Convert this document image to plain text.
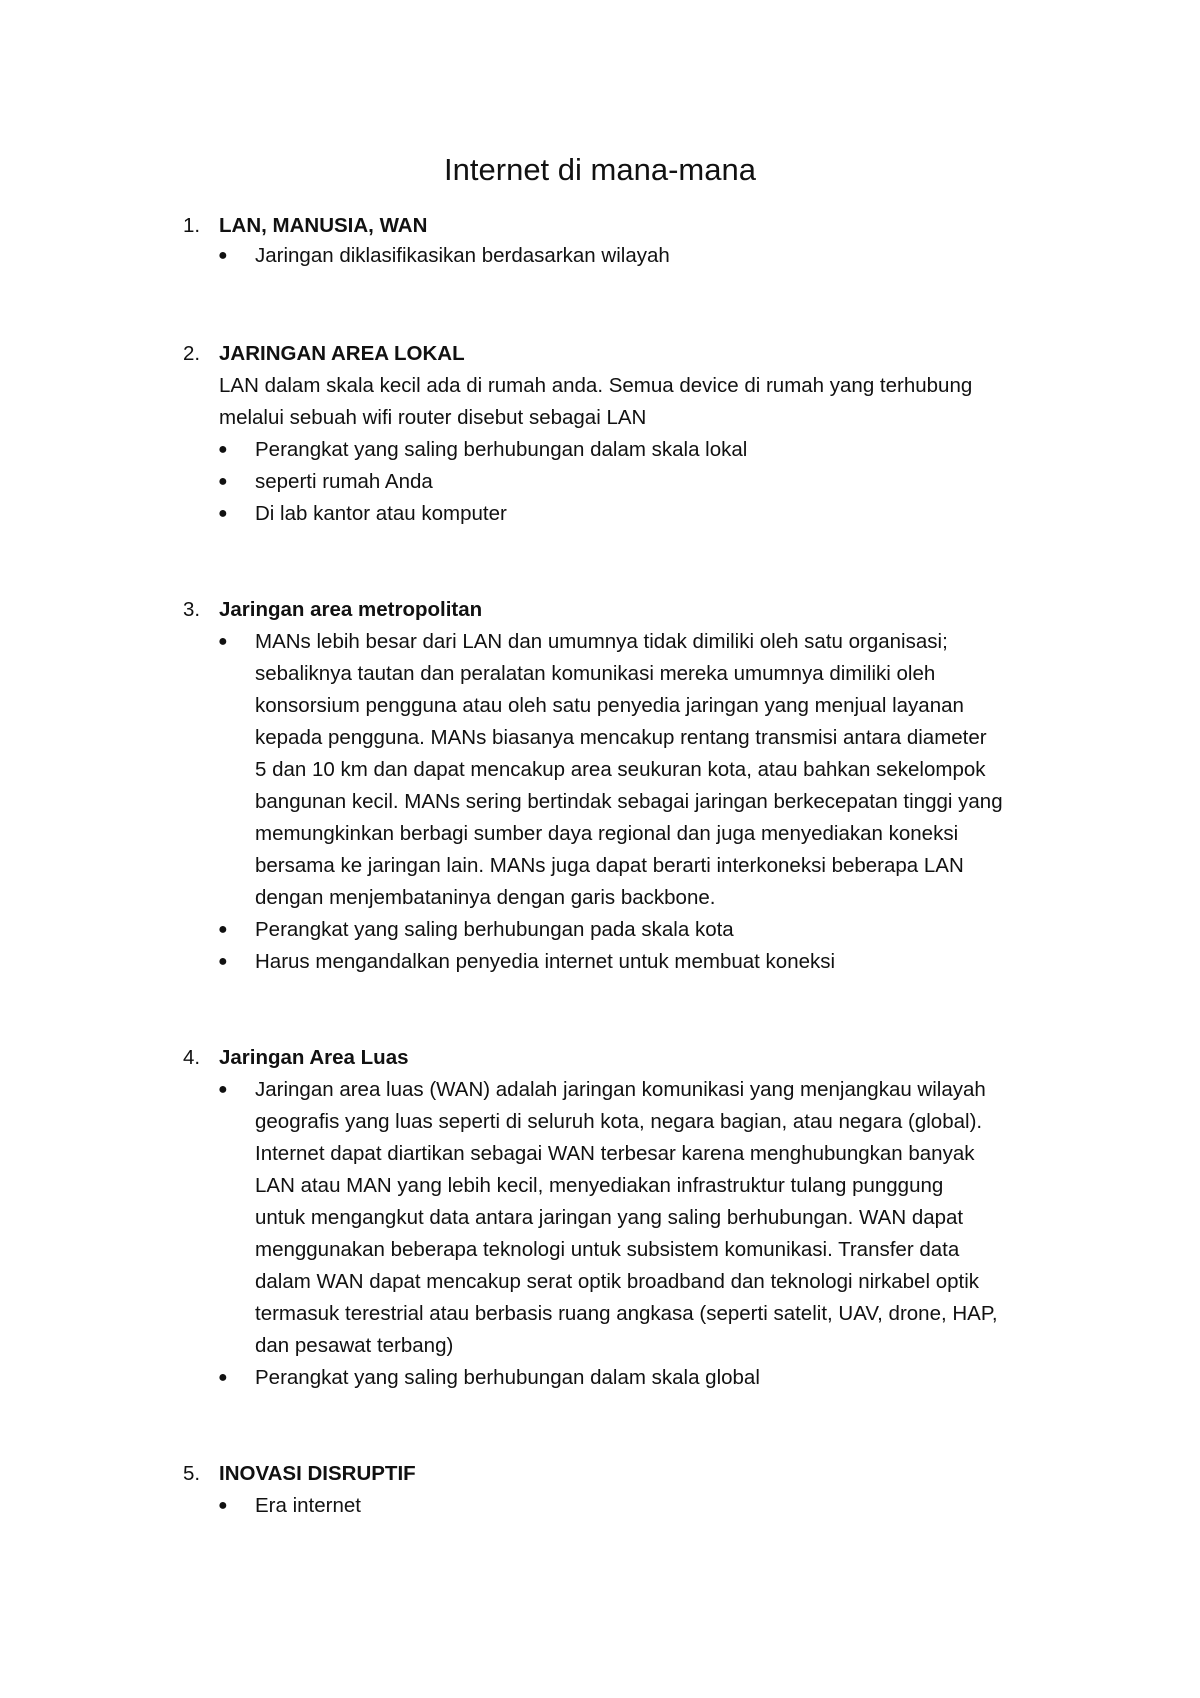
Internet di mana-mana
1. LAN, MANUSIA, WAN
● Jaringan diklasifikasikan berdasarkan wilayah
2. JARINGAN AREA LOKAL
LAN dalam skala kecil ada di rumah anda. Semua device di rumah yang terhubung
melalui sebuah wifi router disebut sebagai LAN
● Perangkat yang saling berhubungan dalam skala lokal
● seperti rumah Anda
● Di lab kantor atau komputer
3. Jaringan area metropolitan
● MANs lebih besar dari LAN dan umumnya tidak dimiliki oleh satu organisasi;
sebaliknya tautan dan peralatan komunikasi mereka umumnya dimiliki oleh
konsorsium pengguna atau oleh satu penyedia jaringan yang menjual layanan
kepada pengguna. MANs biasanya mencakup rentang transmisi antara diameter
5 dan 10 km dan dapat mencakup area seukuran kota, atau bahkan sekelompok
bangunan kecil. MANs sering bertindak sebagai jaringan berkecepatan tinggi yang
memungkinkan berbagi sumber daya regional dan juga menyediakan koneksi
bersama ke jaringan lain. MANs juga dapat berarti interkoneksi beberapa LAN
dengan menjembataninya dengan garis backbone.
● Perangkat yang saling berhubungan pada skala kota
● Harus mengandalkan penyedia internet untuk membuat koneksi
4. Jaringan Area Luas
● Jaringan area luas (WAN) adalah jaringan komunikasi yang menjangkau wilayah
geografis yang luas seperti di seluruh kota, negara bagian, atau negara (global).
Internet dapat diartikan sebagai WAN terbesar karena menghubungkan banyak
LAN atau MAN yang lebih kecil, menyediakan infrastruktur tulang punggung
untuk mengangkut data antara jaringan yang saling berhubungan. WAN dapat
menggunakan beberapa teknologi untuk subsistem komunikasi. Transfer data
dalam WAN dapat mencakup serat optik broadband dan teknologi nirkabel optik
termasuk terestrial atau berbasis ruang angkasa (seperti satelit, UAV, drone, HAP,
dan pesawat terbang)
● Perangkat yang saling berhubungan dalam skala global
5. INOVASI DISRUPTIF
● Era internet
